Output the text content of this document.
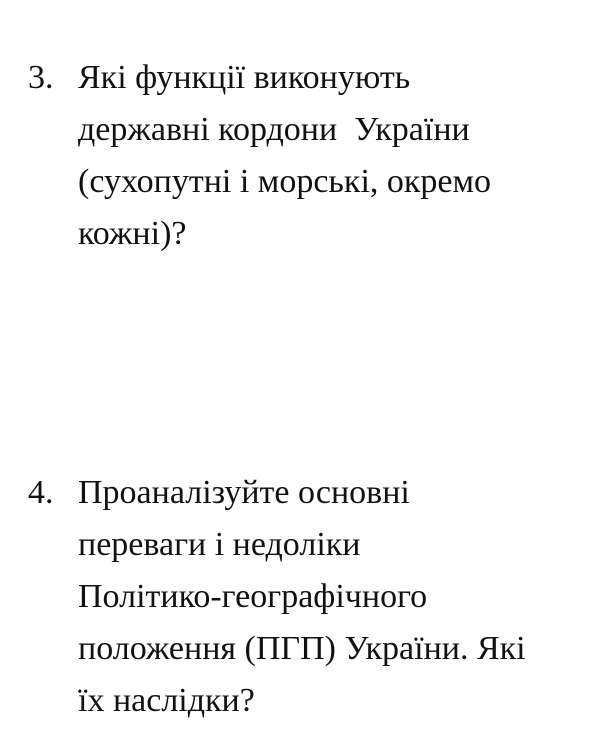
3. Які функції виконують
державні кордони  України
(сухопутні і морські, окремо
кожні)?
4. Проаналізуйте основні
переваги і недоліки
Політико-географічного
положення (ПГП) України. Які
їх наслідки?
